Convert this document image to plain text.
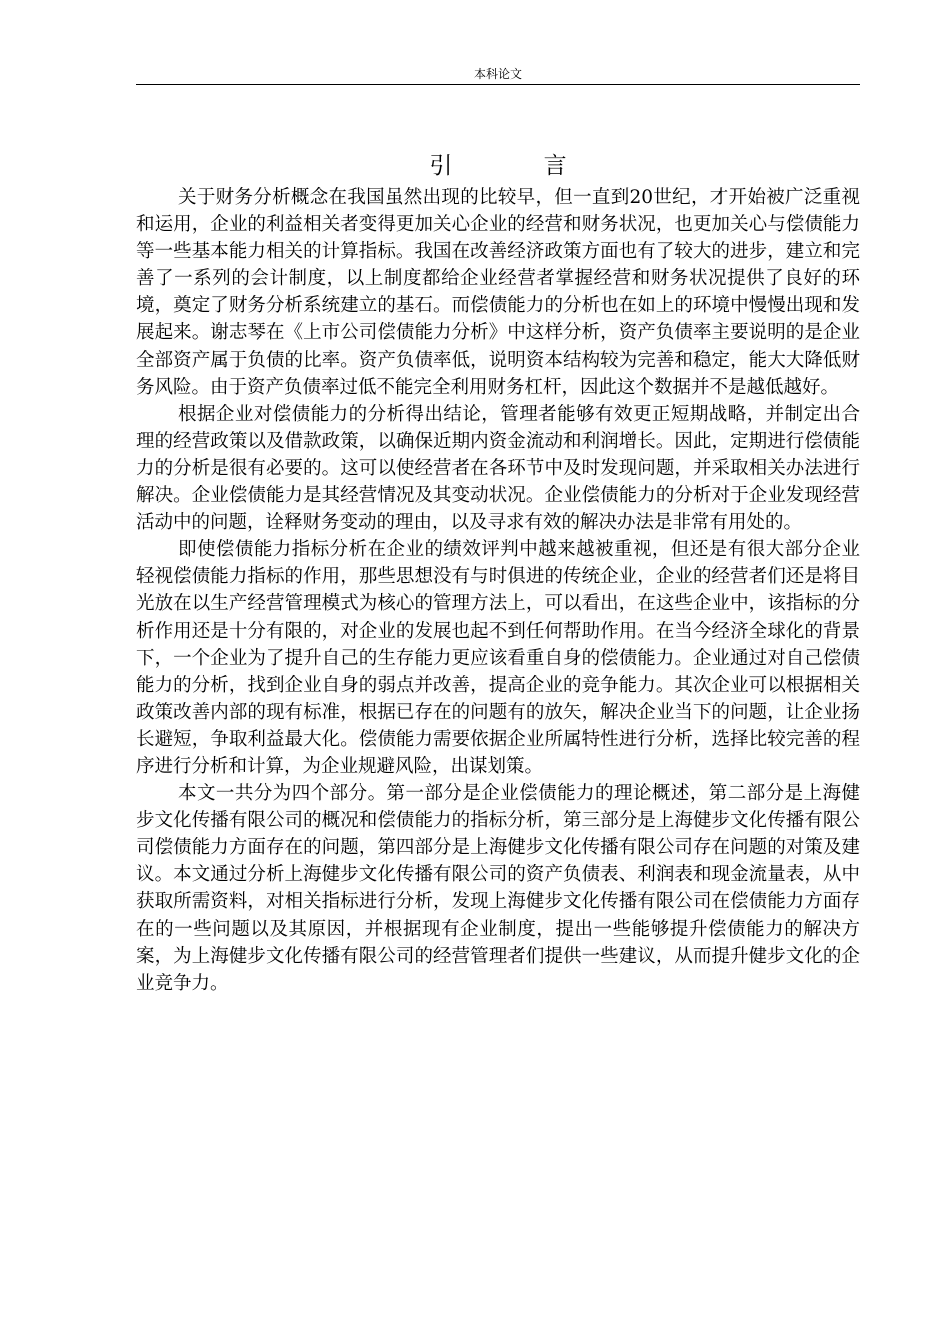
本科论文
引 言

关于财务分析概念在我国虽然出现的比较早，但一直到20世纪，才开始被广泛重视和运用，企业的利益相关者变得更加关心企业的经营和财务状况，也更加关心与偿债能力等一些基本能力相关的计算指标。我国在改善经济政策方面也有了较大的进步，建立和完善了一系列的会计制度，以上制度都给企业经营者掌握经营和财务状况提供了良好的环境，奠定了财务分析系统建立的基石。而偿债能力的分析也在如上的环境中慢慢出现和发展起来。谢志琴在《上市公司偿债能力分析》中这样分析，资产负债率主要说明的是企业全部资产属于负债的比率。资产负债率低，说明资本结构较为完善和稳定，能大大降低财务风险。由于资产负债率过低不能完全利用财务杠杆，因此这个数据并不是越低越好。

根据企业对偿债能力的分析得出结论，管理者能够有效更正短期战略，并制定出合理的经营政策以及借款政策，以确保近期内资金流动和利润增长。因此，定期进行偿债能力的分析是很有必要的。这可以使经营者在各环节中及时发现问题，并采取相关办法进行解决。企业偿债能力是其经营情况及其变动状况。企业偿债能力的分析对于企业发现经营活动中的问题，诠释财务变动的理由，以及寻求有效的解决办法是非常有用处的。

即使偿债能力指标分析在企业的绩效评判中越来越被重视，但还是有很大部分企业轻视偿债能力指标的作用，那些思想没有与时俱进的传统企业，企业的经营者们还是将目光放在以生产经营管理模式为核心的管理方法上，可以看出，在这些企业中，该指标的分析作用还是十分有限的，对企业的发展也起不到任何帮助作用。在当今经济全球化的背景下，一个企业为了提升自己的生存能力更应该看重自身的偿债能力。企业通过对自己偿债能力的分析，找到企业自身的弱点并改善，提高企业的竞争能力。其次企业可以根据相关政策改善内部的现有标准，根据已存在的问题有的放矢，解决企业当下的问题，让企业扬长避短，争取利益最大化。偿债能力需要依据企业所属特性进行分析，选择比较完善的程序进行分析和计算，为企业规避风险，出谋划策。

本文一共分为四个部分。第一部分是企业偿债能力的理论概述，第二部分是上海健步文化传播有限公司的概况和偿债能力的指标分析，第三部分是上海健步文化传播有限公司偿债能力方面存在的问题，第四部分是上海健步文化传播有限公司存在问题的对策及建议。本文通过分析上海健步文化传播有限公司的资产负债表、利润表和现金流量表，从中获取所需资料，对相关指标进行分析，发现上海健步文化传播有限公司在偿债能力方面存在的一些问题以及其原因，并根据现有企业制度，提出一些能够提升偿债能力的解决方案，为上海健步文化传播有限公司的经营管理者们提供一些建议，从而提升健步文化的企业竞争力。
